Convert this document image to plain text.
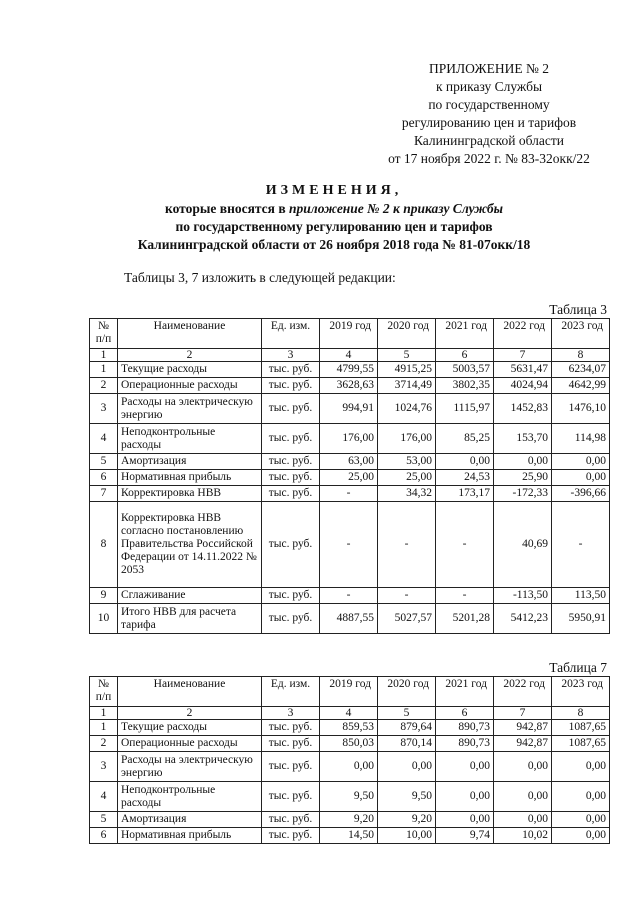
ПРИЛОЖЕНИЕ № 2
к приказу Службы
по государственному
регулированию цен и тарифов
Калининградской области
от 17 ноября 2022 г. № 83-32окк/22
ИЗМЕНЕНИЯ,
которые вносятся в приложение № 2 к приказу Службы
по государственному регулированию цен и тарифов
Калининградской области от 26 ноября 2018 года № 81-07окк/18
Таблицы 3, 7 изложить в следующей редакции:
Таблица 3
№ п/п	Наименование	Ед. изм.	2019 год	2020 год	2021 год	2022 год	2023 год
1	2	3	4	5	6	7	8
1	Текущие расходы	тыс. руб.	4799,55	4915,25	5003,57	5631,47	6234,07
2	Операционные расходы	тыс. руб.	3628,63	3714,49	3802,35	4024,94	4642,99
3	Расходы на электрическую энергию	тыс. руб.	994,91	1024,76	1115,97	1452,83	1476,10
4	Неподконтрольные расходы	тыс. руб.	176,00	176,00	85,25	153,70	114,98
5	Амортизация	тыс. руб.	63,00	53,00	0,00	0,00	0,00
6	Нормативная прибыль	тыс. руб.	25,00	25,00	24,53	25,90	0,00
7	Корректировка НВВ	тыс. руб.	-	34,32	173,17	-172,33	-396,66
8	Корректировка НВВ согласно постановлению Правительства Российской Федерации от 14.11.2022 № 2053	тыс. руб.	-	-	-	40,69	-
9	Сглаживание	тыс. руб.	-	-	-	-113,50	113,50
10	Итого НВВ для расчета тарифа	тыс. руб.	4887,55	5027,57	5201,28	5412,23	5950,91
Таблица 7
№ п/п	Наименование	Ед. изм.	2019 год	2020 год	2021 год	2022 год	2023 год
1	2	3	4	5	6	7	8
1	Текущие расходы	тыс. руб.	859,53	879,64	890,73	942,87	1087,65
2	Операционные расходы	тыс. руб.	850,03	870,14	890,73	942,87	1087,65
3	Расходы на электрическую энергию	тыс. руб.	0,00	0,00	0,00	0,00	0,00
4	Неподконтрольные расходы	тыс. руб.	9,50	9,50	0,00	0,00	0,00
5	Амортизация	тыс. руб.	9,20	9,20	0,00	0,00	0,00
6	Нормативная прибыль	тыс. руб.	14,50	10,00	9,74	10,02	0,00
